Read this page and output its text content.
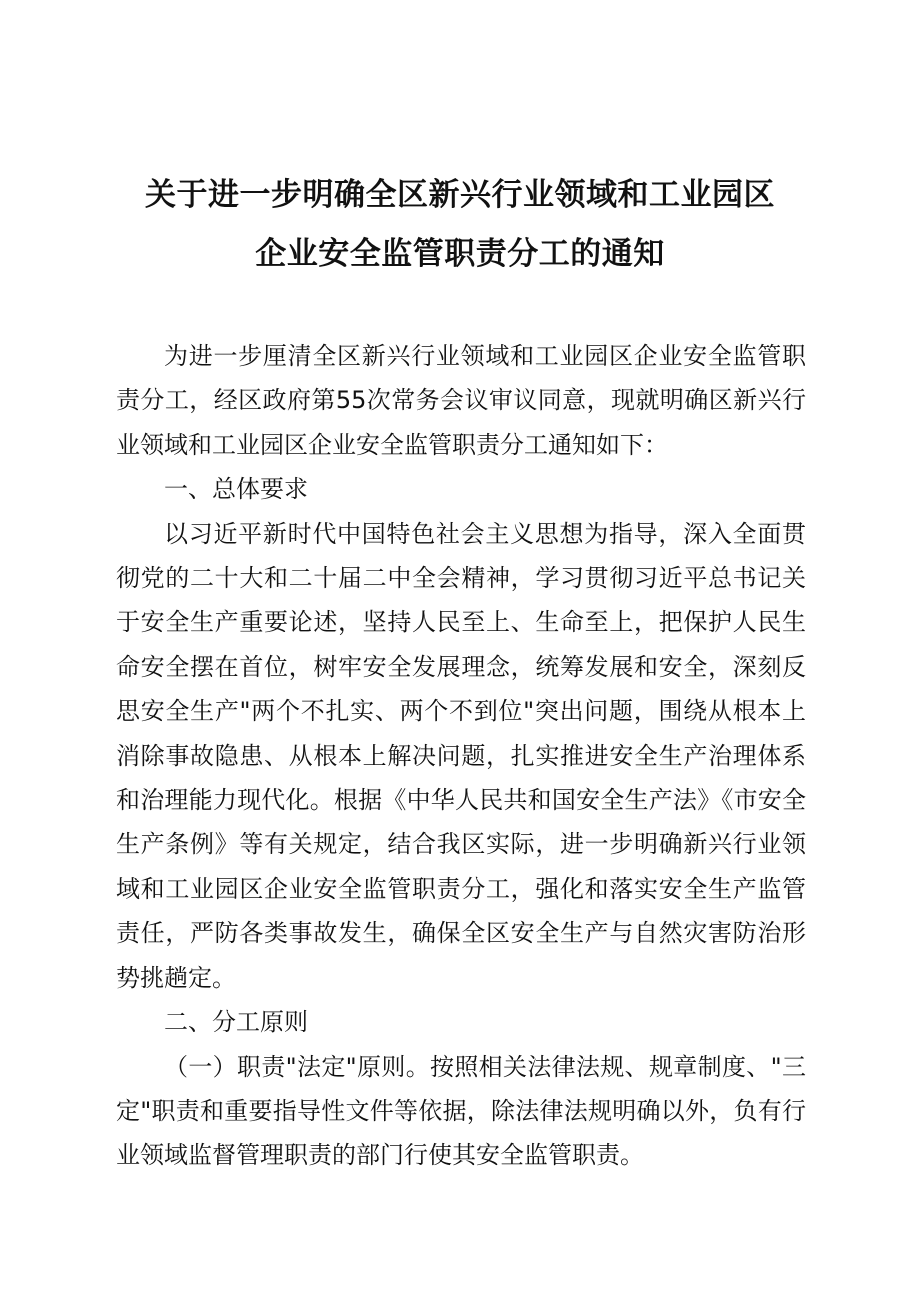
关于进一步明确全区新兴行业领域和工业园区
企业安全监管职责分工的通知

为进一步厘清全区新兴行业领域和工业园区企业安全监管职责分工，经区政府第55次常务会议审议同意，现就明确区新兴行业领域和工业园区企业安全监管职责分工通知如下：

一、总体要求

以习近平新时代中国特色社会主义思想为指导，深入全面贯彻党的二十大和二十届二中全会精神，学习贯彻习近平总书记关于安全生产重要论述，坚持人民至上、生命至上，把保护人民生命安全摆在首位，树牢安全发展理念，统筹发展和安全，深刻反思安全生产"两个不扎实、两个不到位"突出问题，围绕从根本上消除事故隐患、从根本上解决问题，扎实推进安全生产治理体系和治理能力现代化。根据《中华人民共和国安全生产法》《市安全生产条例》等有关规定，结合我区实际，进一步明确新兴行业领域和工业园区企业安全监管职责分工，强化和落实安全生产监管责任，严防各类事故发生，确保全区安全生产与自然灾害防治形势挑趟定。

二、分工原则

（一）职责"法定"原则。按照相关法律法规、规章制度、"三定"职责和重要指导性文件等依据，除法律法规明确以外，负有行业领域监督管理职责的部门行使其安全监管职责。
